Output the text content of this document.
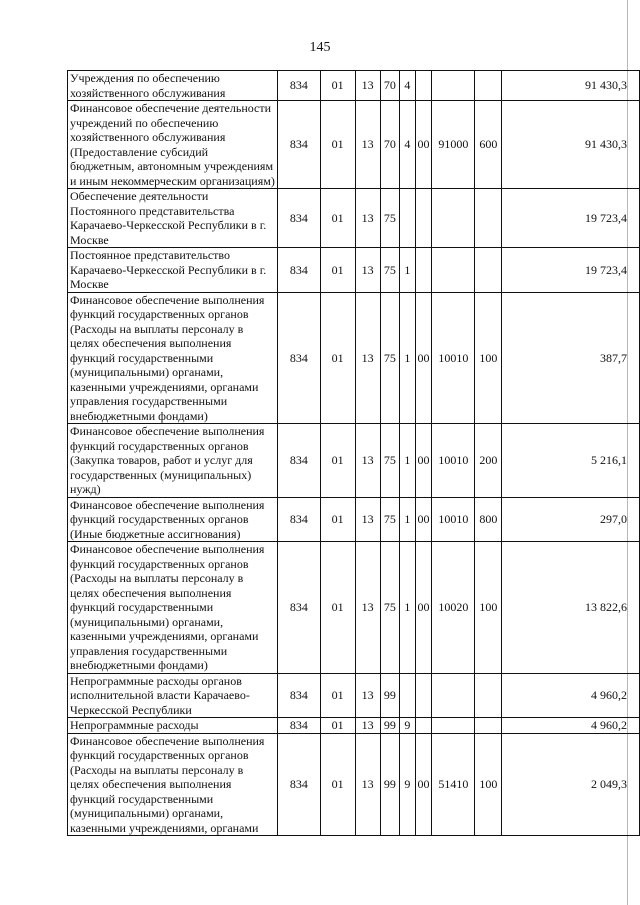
145
Учреждения по обеспечению хозяйственного обслуживания	834	01	13	70	4				91 430,3
Финансовое обеспечение деятельности учреждений по обеспечению хозяйственного обслуживания (Предоставление субсидий бюджетным, автономным учреждениям и иным некоммерческим организациям)	834	01	13	70	4	00	91000	600	91 430,3
Обеспечение деятельности Постоянного представительства Карачаево-Черкесской Республики в г. Москве	834	01	13	75					19 723,4
Постоянное представительство Карачаево-Черкесской Республики в г. Москве	834	01	13	75	1				19 723,4
Финансовое обеспечение выполнения функций государственных органов (Расходы на выплаты персоналу в целях обеспечения выполнения функций государственными (муниципальными) органами, казенными учреждениями, органами управления государственными внебюджетными фондами)	834	01	13	75	1	00	10010	100	387,7
Финансовое обеспечение выполнения функций государственных органов (Закупка товаров, работ и услуг для государственных (муниципальных) нужд)	834	01	13	75	1	00	10010	200	5 216,1
Финансовое обеспечение выполнения функций государственных органов (Иные бюджетные ассигнования)	834	01	13	75	1	00	10010	800	297,0
Финансовое обеспечение выполнения функций государственных органов (Расходы на выплаты персоналу в целях обеспечения выполнения функций государственными (муниципальными) органами, казенными учреждениями, органами управления государственными внебюджетными фондами)	834	01	13	75	1	00	10020	100	13 822,6
Непрограммные расходы органов исполнительной власти Карачаево-Черкесской Республики	834	01	13	99					4 960,2
Непрограммные расходы	834	01	13	99	9				4 960,2
Финансовое обеспечение выполнения функций государственных органов (Расходы на выплаты персоналу в целях обеспечения выполнения функций государственными (муниципальными) органами, казенными учреждениями, органами	834	01	13	99	9	00	51410	100	2 049,3
